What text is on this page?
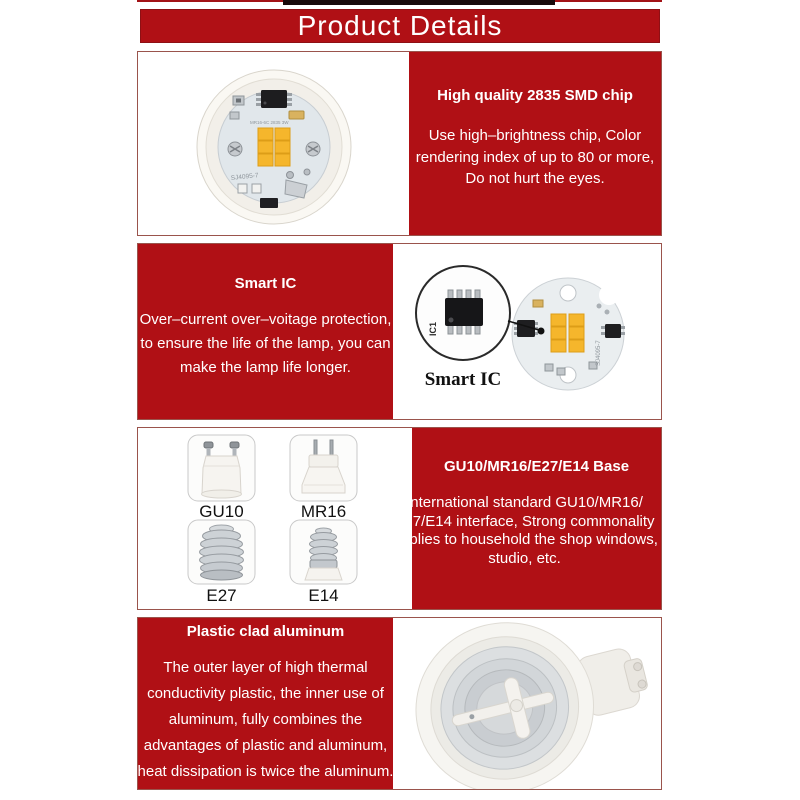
Product Details
MR16-6C 2835 3W
SJ4095-7
High quality 2835 SMD chip
Use high–brightness chip, Color
rendering index of up to 80 or more,
Do not hurt the eyes.
Smart IC
Over–current over–voitage protection,
to ensure the life of the lamp, you can
make the lamp life longer.
SJ4095-7
IC1
Smart IC
GU10	MR16
E27	E14
GU10/MR16/E27/E14 Base
International standard GU10/MR16/
E27/E14 interface, Strong commonality
Applies to household the shop windows,
studio, etc.
Plastic clad aluminum
The outer layer of high thermal
conductivity plastic, the inner use of
aluminum, fully combines the
advantages of plastic and aluminum,
heat dissipation is twice the aluminum.
